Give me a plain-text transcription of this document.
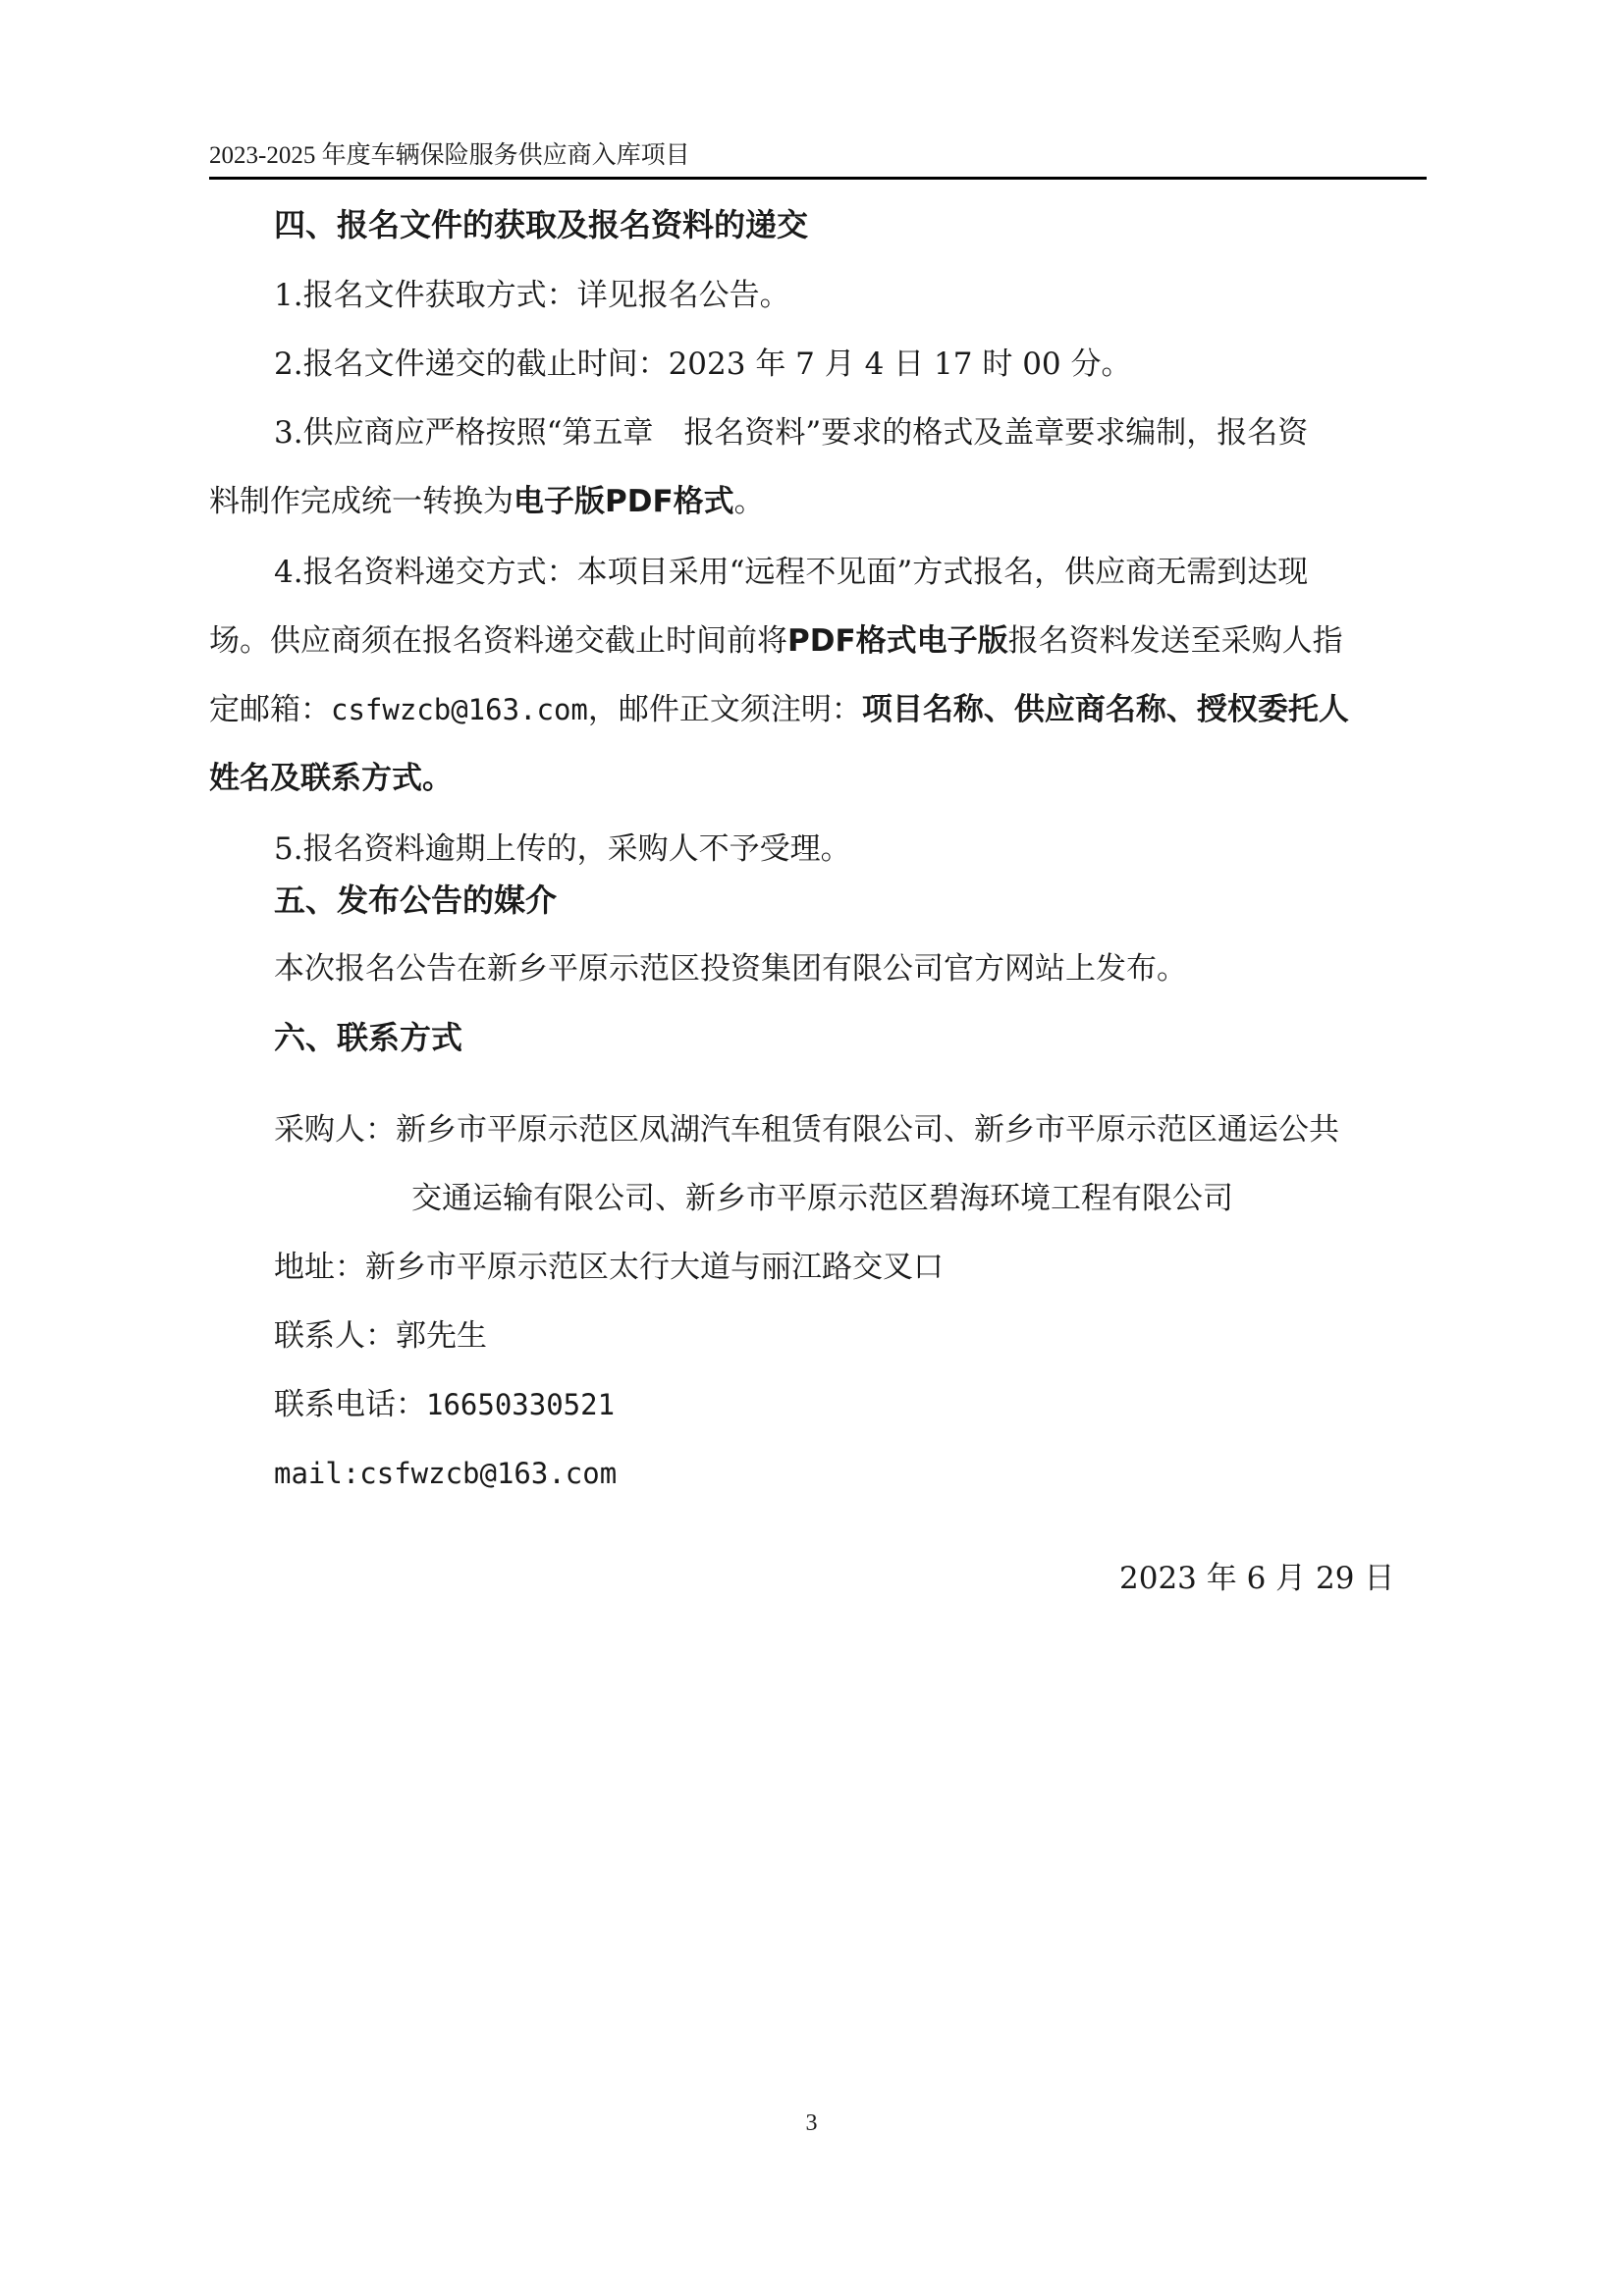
2023-2025 年度车辆保险服务供应商入库项目

四、报名文件的获取及报名资料的递交

1.报名文件获取方式：详见报名公告。

2.报名文件递交的截止时间：2023 年 7 月 4 日 17 时 00 分。

3.供应商应严格按照“第五章　报名资料”要求的格式及盖章要求编制，报名资

料制作完成统一转换为电子版PDF格式。

4.报名资料递交方式：本项目采用“远程不见面”方式报名，供应商无需到达现

场。供应商须在报名资料递交截止时间前将PDF格式电子版报名资料发送至采购人指

定邮箱：csfwzcb@163.com，邮件正文须注明：项目名称、供应商名称、授权委托人

姓名及联系方式。

5.报名资料逾期上传的，采购人不予受理。

五、发布公告的媒介

本次报名公告在新乡平原示范区投资集团有限公司官方网站上发布。

六、联系方式

采购人：新乡市平原示范区凤湖汽车租赁有限公司、新乡市平原示范区通运公共

交通运输有限公司、新乡市平原示范区碧海环境工程有限公司

地址：新乡市平原示范区太行大道与丽江路交叉口

联系人：郭先生

联系电话：16650330521

mail:csfwzcb@163.com

2023 年 6 月 29 日
3
